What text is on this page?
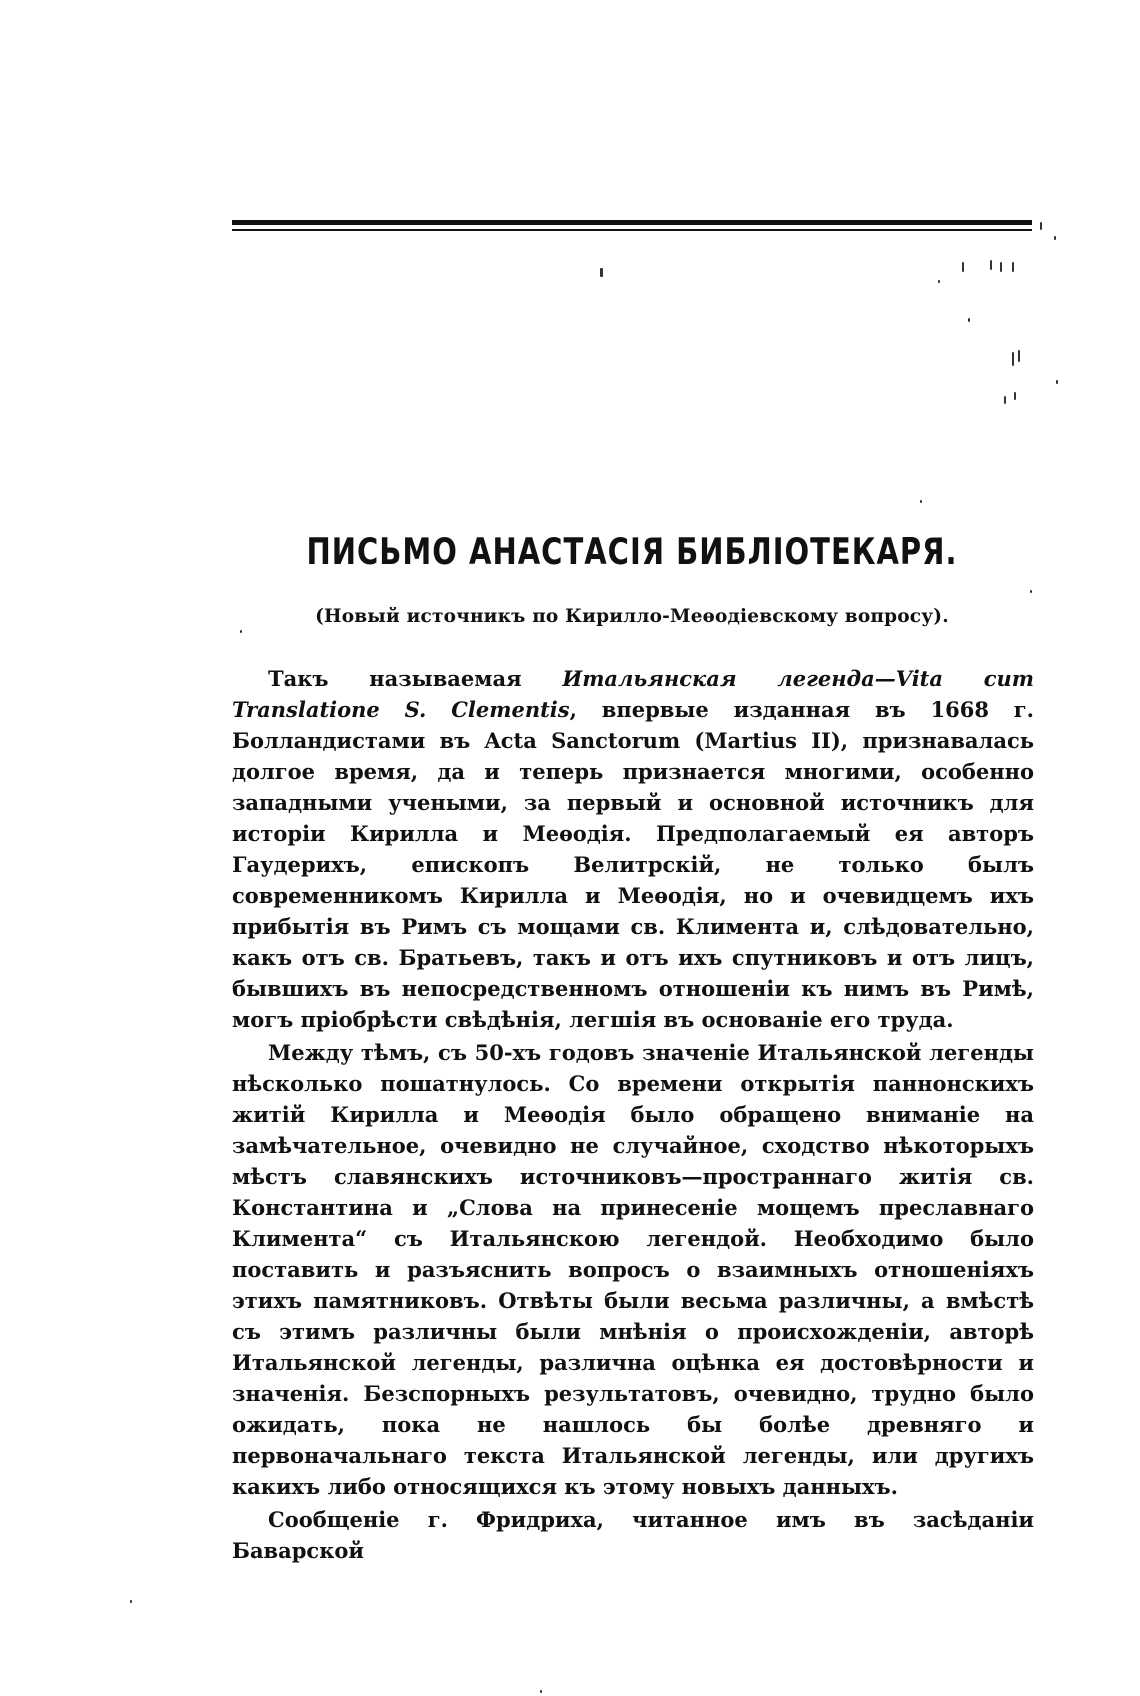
ПИСЬМО АНАСТАСІЯ БИБЛІОТЕКАРЯ.
(Новый источникъ по Кирилло-Меѳодіевскому вопросу).

Такъ называемая Итальянская легенда—Vita cum Translatione S. Clementis, впервые изданная въ 1668 г. Болландистами въ Acta Sanctorum (Martius II), признавалась долгое время, да и теперь признается многими, особенно западными учеными, за первый и основной источникъ для исторіи Кирилла и Меѳодія. Предполагаемый ея авторъ Гаудерихъ, епископъ Велитрскій, не только былъ современникомъ Кирилла и Меѳодія, но и очевидцемъ ихъ прибытія въ Римъ съ мощами св. Климента и, слѣдовательно, какъ отъ св. Братьевъ, такъ и отъ ихъ спутниковъ и отъ лицъ, бывшихъ въ непосредственномъ отношеніи къ нимъ въ Римѣ, могъ пріобрѣсти свѣдѣнія, легшія въ основаніе его труда.

Между тѣмъ, съ 50-хъ годовъ значеніе Итальянской легенды нѣсколько пошатнулось. Со времени открытія паннонскихъ житій Кирилла и Меѳодія было обращено вниманіе на замѣчательное, очевидно не случайное, сходство нѣкоторыхъ мѣстъ славянскихъ источниковъ—пространнаго житія св. Константина и „Слова на принесеніе мощемъ преславнаго Климента“ съ Итальянскою легендой. Необходимо было поставить и разъяснить вопросъ о взаимныхъ отношеніяхъ этихъ памятниковъ. Отвѣты были весьма различны, а вмѣстѣ съ этимъ различны были мнѣнія о происхожденіи, авторѣ Итальянской легенды, различна оцѣнка ея достовѣрности и значенія. Безспорныхъ результатовъ, очевидно, трудно было ожидать, пока не нашлось бы болѣе древняго и первоначальнаго текста Итальянской легенды, или другихъ какихъ либо относящихся къ этому новыхъ данныхъ.

Сообщеніе г. Фридриха, читанное имъ въ засѣданіи Баварской
